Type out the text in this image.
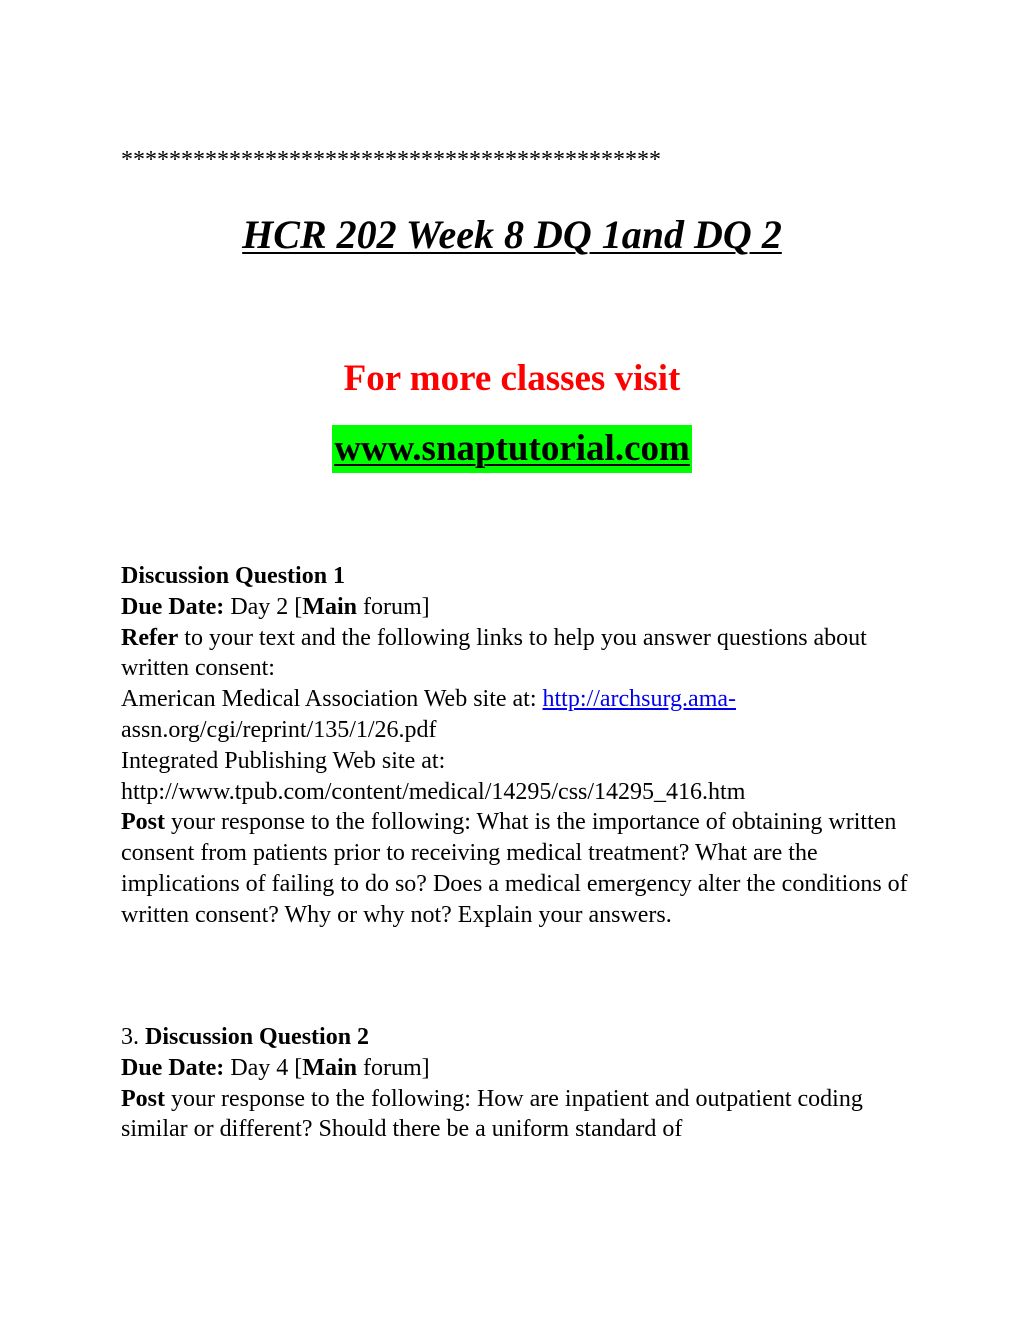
*********************************************
HCR 202 Week 8 DQ 1and DQ 2
For more classes visit
www.snaptutorial.com

Discussion Question 1

Due Date: Day 2 [Main forum]

Refer to your text and the following links to help you answer questions about written consent:

American Medical Association Web site at: http://archsurg.ama-
assn.org/cgi/reprint/135/1/26.pdf

Integrated Publishing Web site at:
http://www.tpub.com/content/medical/14295/css/14295_416.htm

Post your response to the following: What is the importance of obtaining written consent from patients prior to receiving medical treatment? What are the implications of failing to do so? Does a medical emergency alter the conditions of written consent? Why or why not? Explain your answers.

3. Discussion Question 2

Due Date: Day 4 [Main forum]

Post your response to the following: How are inpatient and outpatient coding similar or different? Should there be a uniform standard of
